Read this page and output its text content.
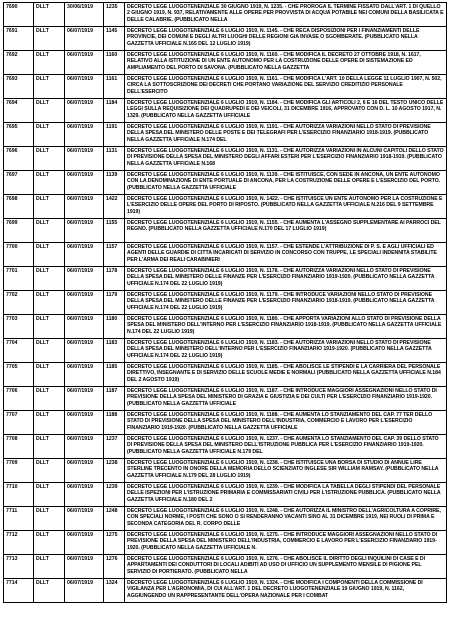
7690	DLLT	30/06/1919	1235	DECRETO LEGE LUOGOTENENZIALE 30 GIUGNO 1919, N. 1235. - CHE PROROGA IL TERMINE FISSATO DALL'ART. 1 DI QUELLO 2 GIUGNO 1919, N. 937, RELATIVAMENTE ALLE OPERE PER PROVVISTA DI ACQUA POTABILE NEI COMUNI DELLA BASILICATA E DELLE CALABRIE. (PUBBLICATO NELLA
7691	DLLT	06/07/1919	1145	DECRETO LEGE LUOGOTENENZIALE 6 LUGLIO 1919, N. 1145. - CHE RECA DISPOSIZIONI PER I FINANZIAMENTI DELLE PROVINCIE, DEI COMUNI E DEGLI ALTRI LUOGHI DELLE REGIONI GIA INVASE O SGOMBERATE. (PUBBLICATO NELLA GAZZETTA UFFICIALE N.165 DEL 12 LUGLIO 1919)
7692	DLLT	06/07/1919	1160	DECRETO LEGE LUOGOTENENZIALE 6 LUGLIO 1919, N. 1160. - CHE MODIFICA IL DECRETO 27 OTTOBRE 1918, N. 1617, RELATIVO ALLA ISTITUZIONE DI UN ENTE AUTONOMO PER LA COSTRUZIONE DELLE OPERE DI SISTEMAZIONE ED AMPLIAMENTO DEL PORTO DI SAVONA. (PUBBLICATO NELLA GAZZETTA
7693	DLLT	06/07/1919	1161	DECRETO LEGE LUOGOTENENZIALE 6 LUGLIO 1919, N. 1161. - CHE MODIFICA L'ART. 10 DELLA LEGGE 11 LUGLIO 1907, N. 502, CIRCA LA SOTTOSCRIZIONE DEI DECRETI CHE PORTANO VARIAZIONE DEL SERVIZIO CREDITIZIO PERSONALE DELL'ESERCITO
7694	DLLT	06/07/1919	1184	DECRETO LEGE LUOGOTENENZIALE 6 LUGLIO 1919, N. 1184. - CHE MODIFICA GLI ARTICOLI 2, 6 E 16 DEL TESTO UNICO DELLE LEGGI SULLA REQUISIZIONE DEI QUADRUPEDI E DEI VEICOLI, 31 DICEMBRE 1916, APPROVATO CON D. L. 10 AGOSTO 1917, N. 1329. (PUBBLICATO NELLA GAZZETTA UFFICIALE
7695	DLLT	06/07/1919	1191	DECRETO LEGE LUOGOTENENZIALE 6 LUGLIO 1919, N. 1191. - CHE AUTORIZZA VARIAZIONI NELLO STATO DI PREVISIONE DELLA SPESA DEL MINISTERO DELLE POSTE E DEI TELEGRAFI PER L'ESERCIZIO FINANZIARIO 1918-1919. (PUBBLICATO NELLA GAZZETTA UFFICIALE N.174 DEL
7696	DLLT	06/07/1919	1131	DECRETO LEGE LUOGOTENENZIALE 6 LUGLIO 1919, N. 1131. - CHE AUTORIZZA VARIAZIONI IN ALCUNI CAPITOLI DELLO STATO DI PREVISIONE DELLA SPESA DEL MINISTERO DEGLI AFFARI ESTERI PER L'ESERCIZIO FINANZIARIO 1918-1919. (PUBBLICATO NELLA GAZZETTA UFFICIALE N.168
7697	DLLT	06/07/1919	1139	DECRETO LEGE LUOGOTENENZIALE 6 LUGLIO 1919, N. 1139. - CHE ISTITUISCE, CON SEDE IN ANCONA, UN ENTE AUTONOMO CON LA DENOMINAZIONE DI ENTE PORTUALE DI ANCONA, PER LA COSTRUZIONE DELLE OPERE E L'ESERCIZIO DEL PORTO. (PUBBLICATO NELLA GAZZETTA UFFICIALE
7698	DLLT	06/07/1919	1422	DECRETO LEGE LUOGOTENENZIALE 6 LUGLIO 1919, N. 1422. - CHE ISTITUISCE UN ENTE AUTONOMO PER LA COSTRUZIONE E L'ESERCIZIO DELLE OPERE DEL PORTO DI RIPOSTO. (PUBBLICATO NELLA GAZZETTA UFFICIALE N.216 DEL 9 SETTEMBRE 1919)
7699	DLLT	06/07/1919	1155	DECRETO LEGE LUOGOTENENZIALE 6 LUGLIO 1919, N. 1155. - CHE AUMENTA L'ASSEGNO SUPPLEMENTARE AI PARROCI DEL REGNO. (PUBBLICATO NELLA GAZZETTA UFFICIALE N.170 DEL 17 LUGLIO 1919)
7700	DLLT	06/07/1919	1157	DECRETO LEGE LUOGOTENENZIALE 6 LUGLIO 1919, N. 1157. - CHE ESTENDE L'ATTRIBUZIONE DI P. S. E AGLI UFFICIALI ED AGENTI DELLE GUARDIE DI CITTA INCARICATI DI SERVIZIO IN CONCORSO CON TRUPPE, LE SPECIALI INDENNITA STABILITE PER L'ARMA DEI REALI CARABINIERI
7701	DLLT	06/07/1919	1178	DECRETO LEGE LUOGOTENENZIALE 6 LUGLIO 1919, N. 1178. - CHE AUTORIZZA VARIAZIONI NELLO STATO DI PREVISIONE DELLA SPESA DEL MINISTERO DELLE FINANZE PER L'ESERCIZIO FINANZIARIO 1919-1920. (PUBBLICATO NELLA GAZZETTA UFFICIALE N.174 DEL 22 LUGLIO 1919)
7702	DLLT	06/07/1919	1179	DECRETO LEGE LUOGOTENENZIALE 6 LUGLIO 1919, N. 1179. - CHE INTRODUCE VARIAZIONI NELLO STATO DI PREVISIONE DELLA SPESA DEL MINISTERO DELLE FINANZE PER L'ESERCIZIO FINANZIARIO 1918-1919. (PUBBLICATO NELLA GAZZETTA UFFICIALE N.174 DEL 22 LUGLIO 1919)
7703	DLLT	06/07/1919	1180	DECRETO LEGE LUOGOTENENZIALE 6 LUGLIO 1919, N. 1180. - CHE APPORTA VARIAZIONI ALLO STATO DI PREVISIONE DELLA SPESA DEL MINISTERO DELL'INTERNO PER L'ESERCIZIO FINANZIARIO 1918-1919. (PUBBLICATO NELLA GAZZETTA UFFICIALE N.174 DEL 22 LUGLIO 1919)
7704	DLLT	06/07/1919	1183	DECRETO LEGE LUOGOTENENZIALE 6 LUGLIO 1919, N. 1183. - CHE AUTORIZZA VARIAZIONI NELLO STATO DI PREVISIONE DELLA SPESA DEL MINISTERO DELL'INTERNO PER L'ESERCIZIO FINANZIARIO 1919-1920. (PUBBLICATO NELLA GAZZETTA UFFICIALE N.174 DEL 22 LUGLIO 1919)
7705	DLLT	06/07/1919	1185	DECRETO LEGE LUOGOTENENZIALE 6 LUGLIO 1919, N. 1185. - CHE ABOLISCE LE STIPENDI E LA CARRIERA DEL PERSONALE DIRETTIVO, INSEGNANTE E DI SERVIZIO DELLE SCUOLE MEDIE E NORMALI (PUBBLICATO NELLA GAZZETTA UFFICIALE N.184 DEL 2 AGOSTO 1919)
7706	DLLT	06/07/1919	1187	DECRETO LEGE LUOGOTENENZIALE 6 LUGLIO 1919, N. 1187. - CHE INTRODUCE MAGGIORI ASSEGNAZIONI NELLO STATO DI PREVISIONE DELLA SPESA DEL MINISTERO DI GRAZIA E GIUSTIZIA E DEI CULTI PER L'ESERCIZIO FINANZIARIO 1919-1920. (PUBBLICATO NELLA GAZZETTA UFFICIALE
7707	DLLT	06/07/1919	1188	DECRETO LEGE LUOGOTENENZIALE 6 LUGLIO 1919, N. 1188. - CHE AUMENTA LO STANZIAMENTO DEL CAP. 77 TER DELLO STATO DI PREVISIONE DELLA SPESA DEL MINISTERO DELL'INDUSTRIA, COMMERCIO E LAVORO PER L'ESERCIZIO FINANZIARIO 1919-1920. (PUBBLICATO NELLA GAZZETTA UFFICIALE
7708	DLLT	06/07/1919	1237	DECRETO LEGE LUOGOTENENZIALE 6 LUGLIO 1919, N. 1237. - CHE AUMENTA LO STANZIAMENTO DEL CAP. 39 DELLO STATO DI PREVISIONE DELLA SPESA DEL MINISTERO DELL'ISTRUZIONE PUBBLICA PER L'ESERCIZIO FINANZIARIO 1919-1920. (PUBBLICATO NELLA GAZZETTA UFFICIALE N.179 DEL
7709	DLLT	06/07/1919	1238	DECRETO LEGE LUOGOTENENZIALE 6 LUGLIO 1919, N. 1238. - CHE ISTITUISCE UNA BORSA DI STUDIO DI ANNUE LIRE STERLINE TRECENTO IN ONORE DELLA MEMORIA DELLO SCIENZIATO INGLESE SIR WILLIAM RAMSAY. (PUBBLICATO NELLA GAZZETTA UFFICIALE N.179 DEL 28 LUGLIO 1919)
7710	DLLT	06/07/1919	1239	DECRETO LEGE LUOGOTENENZIALE 6 LUGLIO 1919, N. 1239. - CHE MODIFICA LA TABELLA DEGLI STIPENDI DEL PERSONALE DELLE ISPEZIONI PER L'ISTRUZIONE PRIMARIA E COMMISSARIATI CIVILI PER L'ISTRUZIONE PUBBLICA. (PUBBLICATO NELLA GAZZETTA UFFICIALE N.180 DEL 2
7711	DLLT	06/07/1919	1248	DECRETO LEGE LUOGOTENENZIALE 6 LUGLIO 1919, N. 1248. - CHE AUTORIZZA IL MINISTRO DELL'AGRICOLTURA A COPRIRE, CON SPECIALI NORME, I POSTI CHE SONO O SI RENDERANNO VACANTI SINO AL 31 DICEMBRE 1919, NEI RUOLI DI PRIMA E SECONDA CATEGORIA DEL R. CORPO DELLE
7712	DLLT	06/07/1919	1275	DECRETO LEGE LUOGOTENENZIALE 6 LUGLIO 1919, N. 1275. - CHE INTRODUCE MAGGIORI ASSEGNAZIONI NELLO STATO DI PREVISIONE DELLA SPESA DEL MINISTERO DELL'INDUSTRIA, COMMERCIO E LAVORO PER L'ESERCIZIO FINANZIARIO 1919-1920. (PUBBLICATO NELLA GAZZETTA UFFICIALE N.
7713	DLLT	06/07/1919	1276	DECRETO LEGE LUOGOTENENZIALE 6 LUGLIO 1919, N. 1276. - CHE ABOLISCE IL DIRITTO DEGLI INQUILINI DI CASE E DI APPARTAMENTI DEI CONDUTTORI DI LOCALI ADIBITI AD USO DI UFFICIO UN SUPPLEMENTO MENSILE DI PIGIONE PEL SERVIZIO DI PORTIERATO. (PUBBLICATO NELLA
7714	DLLT	06/07/1919	1324	DECRETO LEGE LUOGOTENENZIALE 6 LUGLIO 1919, N. 1324. - CHE MODIFICA I COMPONENTI DELLA COMMISSIONE DI VIGILANZA PER L'AGRONOMIA, DI CUI ALL'ART. 1 DEL DECRETO LUOGOTENENZIALE 19 GIUGNO 1919, N. 1162, AGGIUNGENDO UN RAPPRESENTANTE DELL'OPERA NAZIONALE PER I COMBAT
